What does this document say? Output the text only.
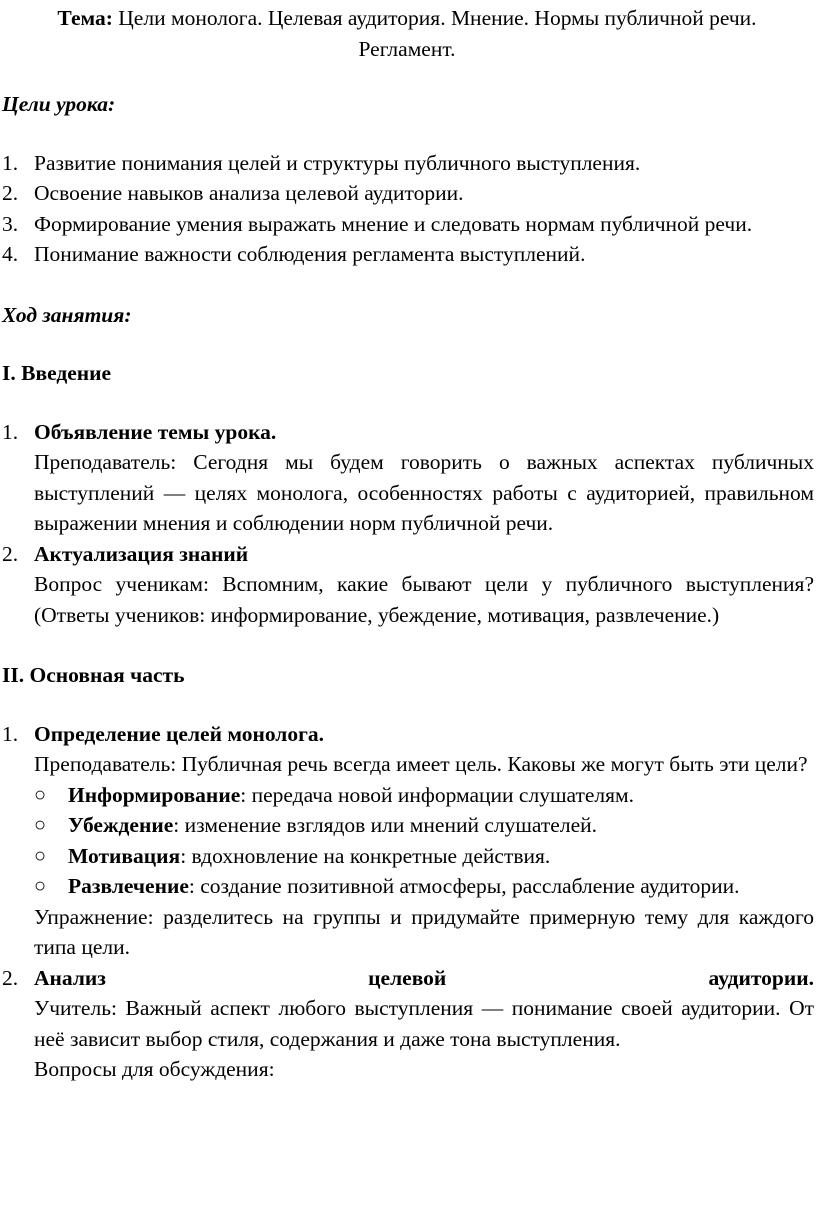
Тема: Цели монолога. Целевая аудитория. Мнение. Нормы публичной речи. Регламент.
Цели урока:
1. Развитие понимания целей и структуры публичного выступления.
2. Освоение навыков анализа целевой аудитории.
3. Формирование умения выражать мнение и следовать нормам публичной речи.
4. Понимание важности соблюдения регламента выступлений.
Ход занятия:
I. Введение
1. Объявление темы урока.
Преподаватель: Сегодня мы будем говорить о важных аспектах публичных выступлений — целях монолога, особенностях работы с аудиторией, правильном выражении мнения и соблюдении норм публичной речи.
2. Актуализация знаний
Вопрос ученикам: Вспомним, какие бывают цели у публичного выступления? (Ответы учеников: информирование, убеждение, мотивация, развлечение.)
II. Основная часть
1. Определение целей монолога.
Преподаватель: Публичная речь всегда имеет цель. Каковы же могут быть эти цели?
○ Информирование: передача новой информации слушателям.
○ Убеждение: изменение взглядов или мнений слушателей.
○ Мотивация: вдохновление на конкретные действия.
○ Развлечение: создание позитивной атмосферы, расслабление аудитории.
Упражнение: разделитесь на группы и придумайте примерную тему для каждого типа цели.
2. Анализ целевой аудитории.
Учитель: Важный аспект любого выступления — понимание своей аудитории. От неё зависит выбор стиля, содержания и даже тона выступления.
Вопросы для обсуждения:
